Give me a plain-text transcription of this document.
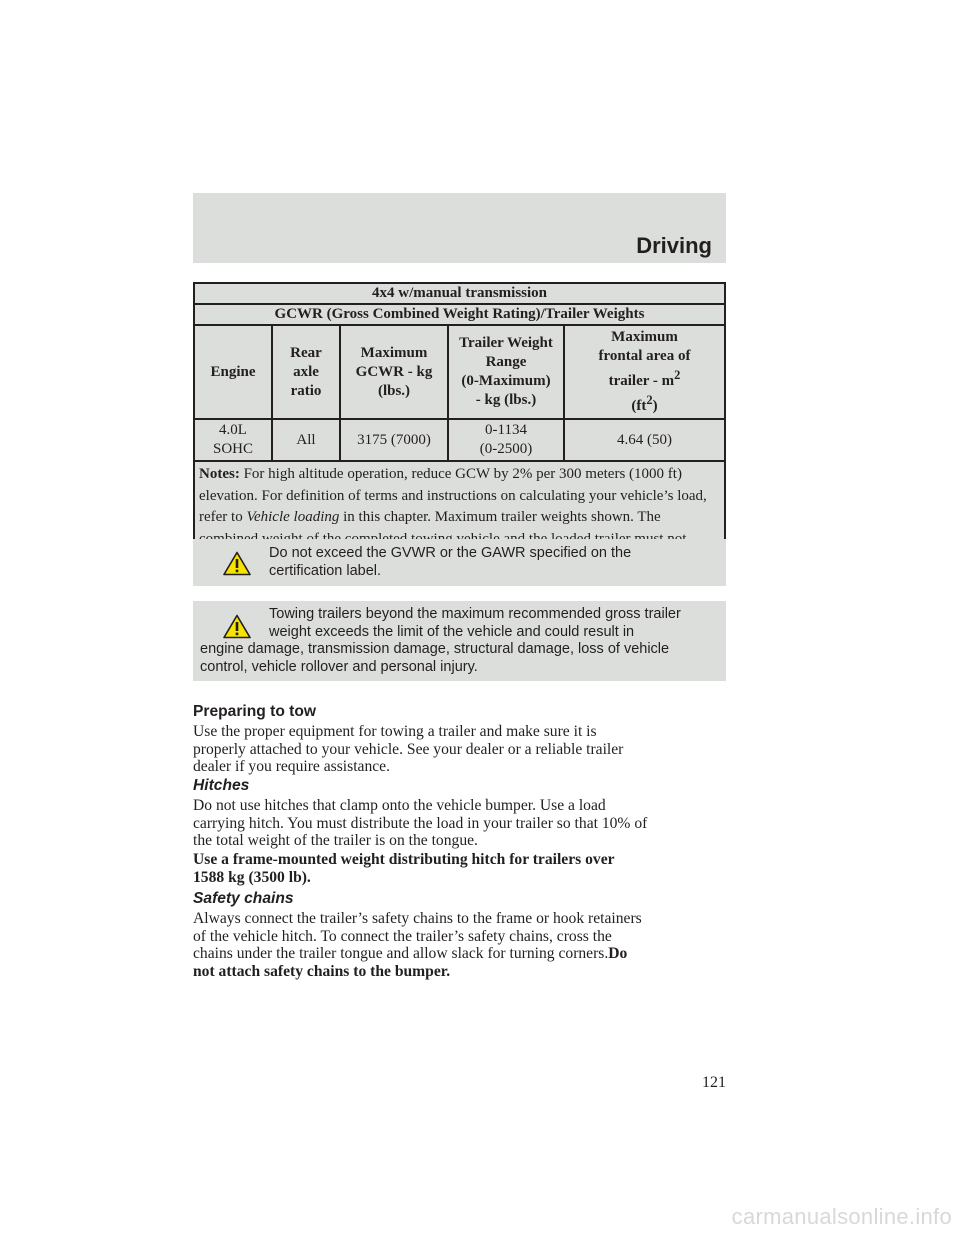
Driving
4x4 w/manual transmission				
GCWR (Gross Combined Weight Rating)/Trailer Weights				
Engine	Rear
axle
ratio	Maximum
GCWR - kg
(lbs.)	Trailer Weight
Range
(0-Maximum)
- kg (lbs.)	Maximum
frontal area of
trailer - $m^2$
$(ft^2)$
4.0L
SOHC	All	3175 (7000)	0-1134
(0-2500)	4.64 (50)
Notes: For high altitude operation, reduce GCW by 2% per 300 meters (1000 ft) elevation. For definition of terms and instructions on calculating your vehicle’s load, refer to Vehicle loading in this chapter. Maximum trailer weights shown. The				
Do not exceed the GVWR or the GAWR specified on the
certification label.
Towing trailers beyond the maximum recommended gross trailer
weight exceeds the limit of the vehicle and could result in
engine damage, transmission damage, structural damage, loss of vehicle
control, vehicle rollover and personal injury.
Preparing to tow
Use the proper equipment for towing a trailer and make sure it is
properly attached to your vehicle. See your dealer or a reliable trailer
dealer if you require assistance.
Hitches
Do not use hitches that clamp onto the vehicle bumper. Use a load
carrying hitch. You must distribute the load in your trailer so that 10% of
the total weight of the trailer is on the tongue.
Use a frame-mounted weight distributing hitch for trailers over
1588 kg (3500 lb).
Safety chains
Always connect the trailer’s safety chains to the frame or hook retainers
of the vehicle hitch. To connect the trailer’s safety chains, cross the
chains under the trailer tongue and allow slack for turning corners.Do
not attach safety chains to the bumper.
121
carmanualsonline.info
